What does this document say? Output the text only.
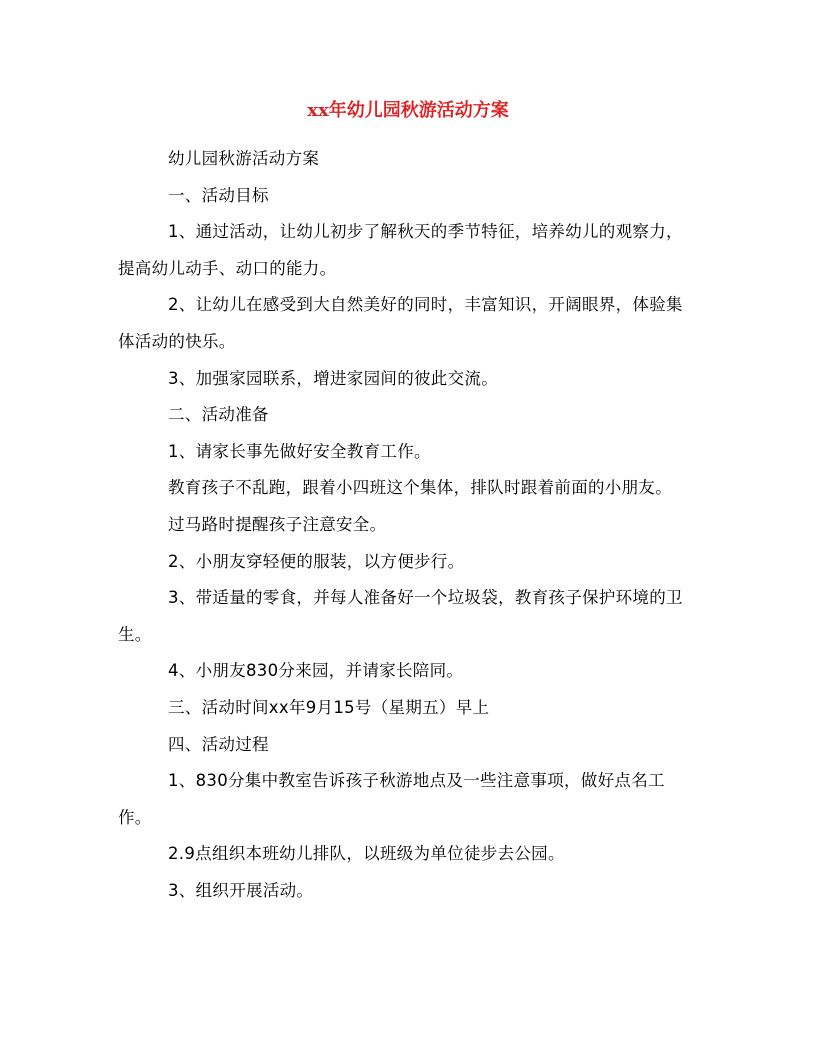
xx年幼儿园秋游活动方案

幼儿园秋游活动方案

一、活动目标

1、通过活动，让幼儿初步了解秋天的季节特征，培养幼儿的观察力，提高幼儿动手、动口的能力。

2、让幼儿在感受到大自然美好的同时，丰富知识，开阔眼界，体验集体活动的快乐。

3、加强家园联系，增进家园间的彼此交流。

二、活动准备

1、请家长事先做好安全教育工作。

教育孩子不乱跑，跟着小四班这个集体，排队时跟着前面的小朋友。

过马路时提醒孩子注意安全。

2、小朋友穿轻便的服装，以方便步行。

3、带适量的零食，并每人准备好一个垃圾袋，教育孩子保护环境的卫生。

4、小朋友830分来园，并请家长陪同。

三、活动时间xx年9月15号（星期五）早上

四、活动过程

1、830分集中教室告诉孩子秋游地点及一些注意事项，做好点名工作。

2.9点组织本班幼儿排队，以班级为单位徒步去公园。

3、组织开展活动。
